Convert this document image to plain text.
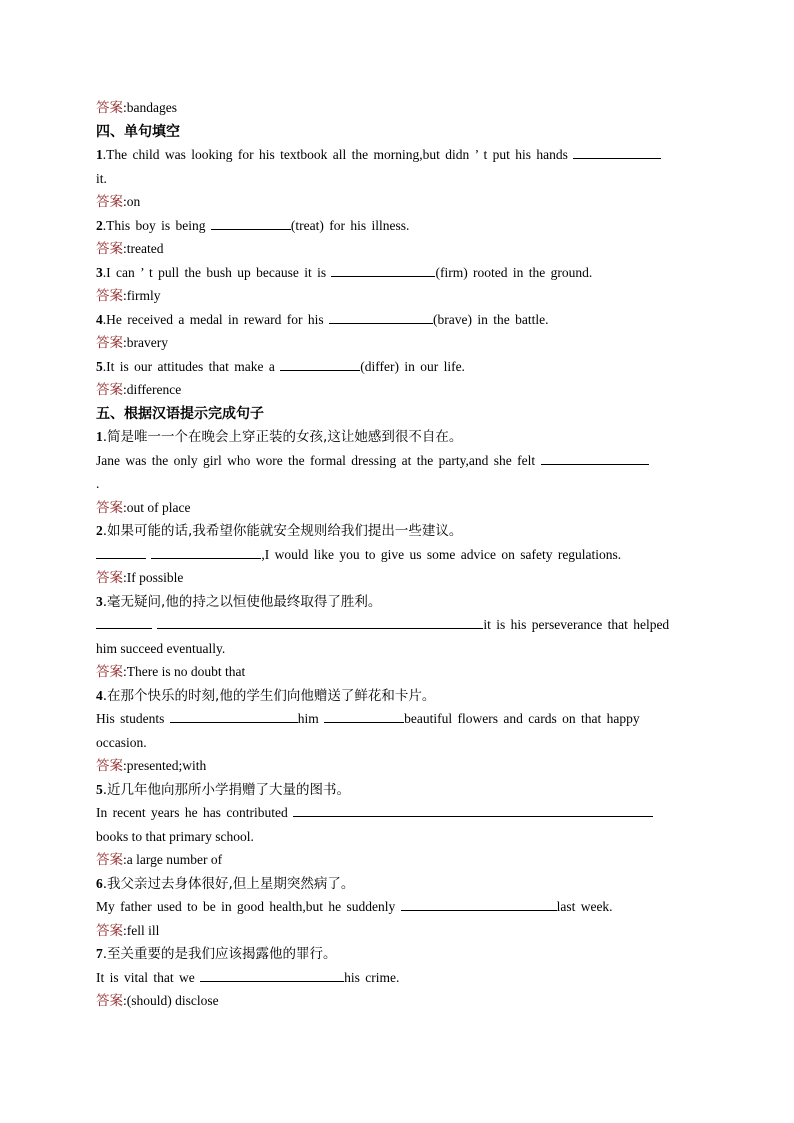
答案:bandages
四、单句填空
1.The child was looking for his textbook all the morning,but didn ’ t put his hands
it.
答案:on
2.This boy is being	(treat) for his illness.
答案:treated
3.I can ’ t pull the bush up because it is	(firm) rooted in the ground.
答案:firmly
4.He received a medal in reward for his	(brave) in the battle.
答案:bravery
5.It is our attitudes that make a	(differ) in our life.
答案:difference
五、根据汉语提示完成句子
1.简是唯一一个在晚会上穿正装的女孩,这让她感到很不自在。
Jane was the only girl who wore the formal dressing at the party,and she felt
.
答案:out of place
2.如果可能的话,我希望你能就安全规则给我们提出一些建议。
,I would like you to give us some advice on safety regulations.
答案:If possible
3.毫无疑问,他的持之以恒使他最终取得了胜利。
it is his perseverance that helped
him succeed eventually.
答案:There is no doubt that
4.在那个快乐的时刻,他的学生们向他赠送了鲜花和卡片。
His students	him	beautiful flowers and cards on that happy
occasion.
答案:presented;with
5.近几年他向那所小学捐赠了大量的图书。
In recent years he has contributed
books to that primary school.
答案:a large number of
6.我父亲过去身体很好,但上星期突然病了。
My father used to be in good health,but he suddenly	last week.
答案:fell ill
7.至关重要的是我们应该揭露他的罪行。
It is vital that we	his crime.
答案:(should) disclose
